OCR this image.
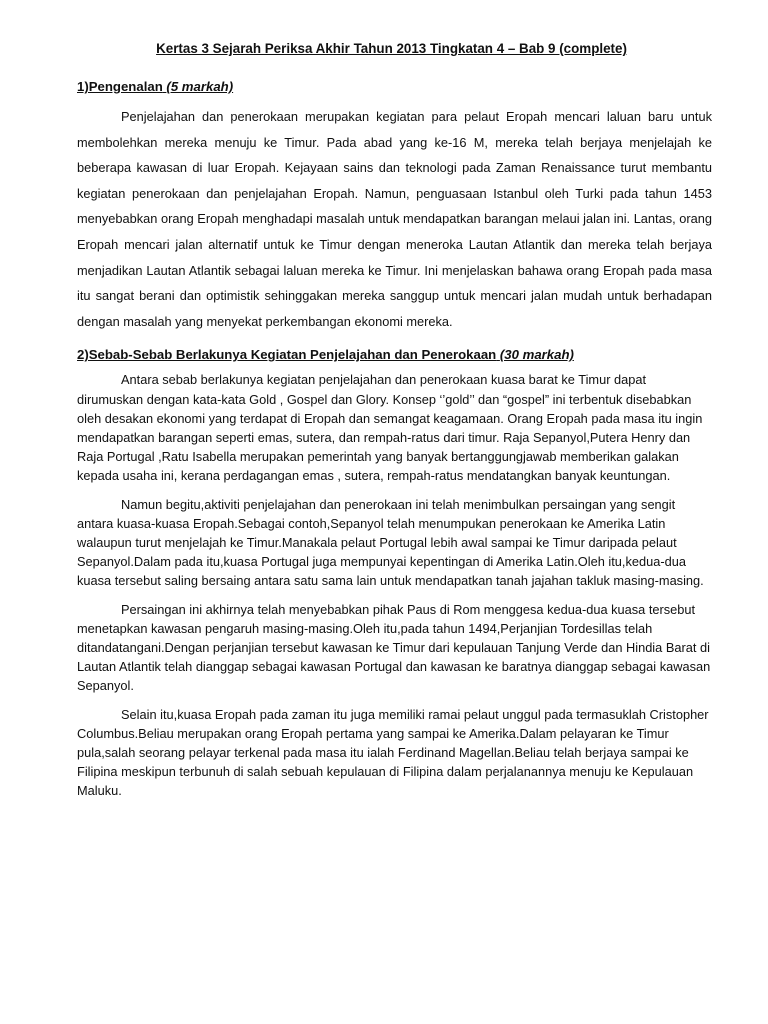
Kertas 3 Sejarah Periksa Akhir Tahun 2013 Tingkatan 4 – Bab 9 (complete)
1)Pengenalan (5 markah)

Penjelajahan dan penerokaan merupakan kegiatan para pelaut Eropah mencari laluan baru untuk membolehkan mereka menuju ke Timur. Pada abad yang ke-16 M, mereka telah berjaya menjelajah ke beberapa kawasan di luar Eropah. Kejayaan sains dan teknologi pada Zaman Renaissance turut membantu kegiatan penerokaan dan penjelajahan Eropah. Namun, penguasaan Istanbul oleh Turki pada tahun 1453 menyebabkan orang Eropah menghadapi masalah untuk mendapatkan barangan melaui jalan ini. Lantas, orang Eropah mencari jalan alternatif untuk ke Timur dengan meneroka Lautan Atlantik dan mereka telah berjaya menjadikan Lautan Atlantik sebagai laluan mereka ke Timur. Ini menjelaskan bahawa orang Eropah pada masa itu sangat berani dan optimistik sehinggakan mereka sanggup untuk mencari jalan mudah untuk berhadapan dengan masalah yang menyekat perkembangan ekonomi mereka.

2)Sebab-Sebab Berlakunya Kegiatan Penjelajahan dan Penerokaan (30 markah)

Antara sebab berlakunya kegiatan penjelajahan dan penerokaan kuasa barat ke Timur dapat dirumuskan dengan kata-kata Gold , Gospel dan Glory. Konsep ‘’gold’’ dan “gospel” ini terbentuk disebabkan oleh desakan ekonomi yang terdapat di Eropah dan semangat keagamaan. Orang Eropah pada masa itu ingin mendapatkan barangan seperti emas, sutera, dan rempah-ratus dari timur. Raja Sepanyol,Putera Henry dan Raja Portugal ,Ratu Isabella merupakan pemerintah yang banyak bertanggungjawab memberikan galakan kepada usaha ini, kerana perdagangan emas , sutera, rempah-ratus mendatangkan banyak keuntungan.

Namun begitu,aktiviti penjelajahan dan penerokaan ini telah menimbulkan persaingan yang sengit antara kuasa-kuasa Eropah.Sebagai contoh,Sepanyol telah menumpukan penerokaan ke Amerika Latin walaupun turut menjelajah ke Timur.Manakala pelaut Portugal lebih awal sampai ke Timur daripada pelaut Sepanyol.Dalam pada itu,kuasa Portugal juga mempunyai kepentingan di Amerika Latin.Oleh itu,kedua-dua kuasa tersebut saling bersaing antara satu sama lain untuk mendapatkan tanah jajahan takluk masing-masing.

Persaingan ini akhirnya telah menyebabkan pihak Paus di Rom menggesa kedua-dua kuasa tersebut menetapkan kawasan pengaruh masing-masing.Oleh itu,pada tahun 1494,Perjanjian Tordesillas telah ditandatangani.Dengan perjanjian tersebut kawasan ke Timur dari kepulauan Tanjung Verde dan Hindia Barat di Lautan Atlantik telah dianggap sebagai kawasan Portugal dan kawasan ke baratnya dianggap sebagai kawasan Sepanyol.

Selain itu,kuasa Eropah pada zaman itu juga memiliki ramai pelaut unggul pada termasuklah Cristopher Columbus.Beliau merupakan orang Eropah pertama yang sampai ke Amerika.Dalam pelayaran ke Timur pula,salah seorang pelayar terkenal pada masa itu ialah Ferdinand Magellan.Beliau telah berjaya sampai ke Filipina meskipun terbunuh di salah sebuah kepulauan di Filipina dalam perjalanannya menuju ke Kepulauan Maluku.
